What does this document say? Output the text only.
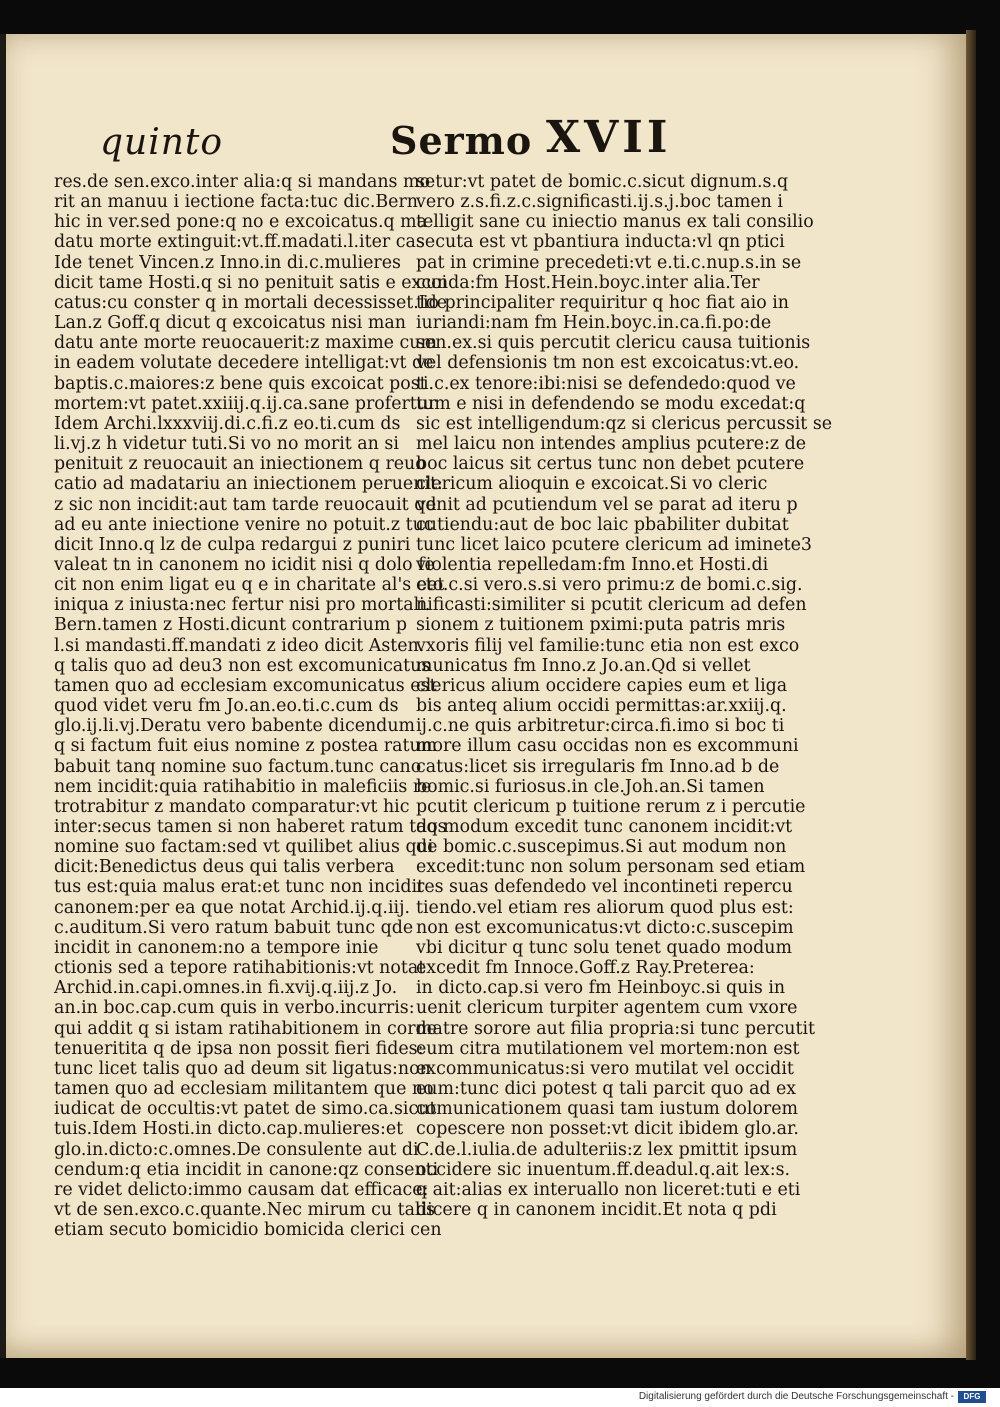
quinto	Sermo XVII
res.de sen.exco.inter alia:q si mandans mo
rit an manuu i iectione facta:tuc dic.Bern.
hic in ver.sed pone:q no e excoicatus.q ma
datu morte extinguit:vt.ff.madati.l.iter cas
Ide tenet Vincen.z Inno.in di.c.mulieres
dicit tame Hosti.q si no penituit satis e excoi
catus:cu conster q in mortali decessisset.Ide
Lan.z Goff.q dicut q excoicatus nisi man
datu ante morte reuocauerit:z maxime cum
in eadem volutate decedere intelligat:vt de
baptis.c.maiores:z bene quis excoicat post
mortem:vt patet.xxiiij.q.ij.ca.sane profertur
Idem Archi.lxxxviij.di.c.fi.z eo.ti.cum ds
li.vj.z h videtur tuti.Si vo no morit an si
penituit z reuocauit an iniectionem q reuo
catio ad madatariu an iniectionem peruenit:
z sic non incidit:aut tam tarde reuocauit qd
ad eu ante iniectione venire no potuit.z tuc
dicit Inno.q lz de culpa redargui z puniri
valeat tn in canonem no icidit nisi q dolo fe
cit non enim ligat eu q e in charitate al's eet
iniqua z iniusta:nec fertur nisi pro mortali.
Bern.tamen z Hosti.dicunt contrarium p
l.si mandasti.ff.mandati z ideo dicit Asten.
q talis quo ad deu3 non est excomunicatus
tamen quo ad ecclesiam excomunicatus est
quod videt veru fm Jo.an.eo.ti.c.cum ds
glo.ij.li.vj.Deratu vero babente dicendum
q si factum fuit eius nomine z postea ratum
babuit tanq nomine suo factum.tunc cano
nem incidit:quia ratihabitio in maleficiis re
trotrabitur z mandato comparatur:vt hic
inter:secus tamen si non haberet ratum taqs
nomine suo factam:sed vt quilibet alius qui
dicit:Benedictus deus qui talis verbera
tus est:quia malus erat:et tunc non incidit
canonem:per ea que notat Archid.ij.q.iij.
c.auditum.Si vero ratum babuit tunc qde
incidit in canonem:no a tempore inie
ctionis sed a tepore ratihabitionis:vt notat
Archid.in.capi.omnes.in fi.xvij.q.iij.z Jo.
an.in boc.cap.cum quis in verbo.incurris:
qui addit q si istam ratihabitionem in corde
tenueritita q de ipsa non possit fieri fides:
tunc licet talis quo ad deum sit ligatus:non
tamen quo ad ecclesiam militantem que no
iudicat de occultis:vt patet de simo.ca.sicut
tuis.Idem Hosti.in dicto.cap.mulieres:et
glo.in.dicto:c.omnes.De consulente aut di
cendum:q etia incidit in canone:qz consenti
re videt delicto:immo causam dat efficace:
vt de sen.exco.c.quante.Nec mirum cu talis
etiam secuto bomicidio bomicida clerici cen
setur:vt patet de bomic.c.sicut dignum.s.q
vero z.s.fi.z.c.significasti.ij.s.j.boc tamen i
telligit sane cu iniectio manus ex tali consilio
secuta est vt pbantiura inducta:vl qn ptici
pat in crimine precedeti:vt e.ti.c.nup.s.in se
cunda:fm Host.Hein.boyc.inter alia.Ter
tio principaliter requiritur q hoc fiat aio in
iuriandi:nam fm Hein.boyc.in.ca.fi.po:de
sen.ex.si quis percutit clericu causa tuitionis
vel defensionis tm non est excoicatus:vt.eo.
ti.c.ex tenore:ibi:nisi se defendedo:quod ve
tum e nisi in defendendo se modu excedat:q
sic est intelligendum:qz si clericus percussit se
mel laicu non intendes amplius pcutere:z de
boc laicus sit certus tunc non debet pcutere
clericum alioquin e excoicat.Si vo cleric
venit ad pcutiendum vel se parat ad iteru p
cutiendu:aut de boc laic pbabiliter dubitat
tunc licet laico pcutere clericum ad iminete3
violentia repelledam:fm Inno.et Hosti.di
cto.c.si vero.s.si vero primu:z de bomi.c.sig.
nificasti:similiter si pcutit clericum ad defen
sionem z tuitionem pximi:puta patris mris
vxoris filij vel familie:tunc etia non est exco
municatus fm Inno.z Jo.an.Qd si vellet
clericus alium occidere capies eum et liga
bis anteq alium occidi permittas:ar.xxiij.q.
ij.c.ne quis arbitretur:circa.fi.imo si boc ti
more illum casu occidas non es excommuni
catus:licet sis irregularis fm Inno.ad b de
bomic.si furiosus.in cle.Joh.an.Si tamen
pcutit clericum p tuitione rerum z i percutie
do modum excedit tunc canonem incidit:vt
de bomic.c.suscepimus.Si aut modum non
excedit:tunc non solum personam sed etiam
res suas defendedo vel incontineti repercu
tiendo.vel etiam res aliorum quod plus est:
non est excomunicatus:vt dicto:c.suscepim
vbi dicitur q tunc solu tenet quado modum
excedit fm Innoce.Goff.z Ray.Preterea:
in dicto.cap.si vero fm Heinboyc.si quis in
uenit clericum turpiter agentem cum vxore
matre sorore aut filia propria:si tunc percutit
eum citra mutilationem vel mortem:non est
excommunicatus:si vero mutilat vel occidit
eum:tunc dici potest q tali parcit quo ad ex
comunicationem quasi tam iustum dolorem
copescere non posset:vt dicit ibidem glo.ar.
C.de.l.iulia.de adulteriis:z lex pmittit ipsum
occidere sic inuentum.ff.deadul.q.ait lex:s.
q ait:alias ex interuallo non liceret:tuti e eti
dicere q in canonem incidit.Et nota q pdi
Digitalisierung gefördert durch die Deutsche Forschungsgemeinschaft -	DFG
